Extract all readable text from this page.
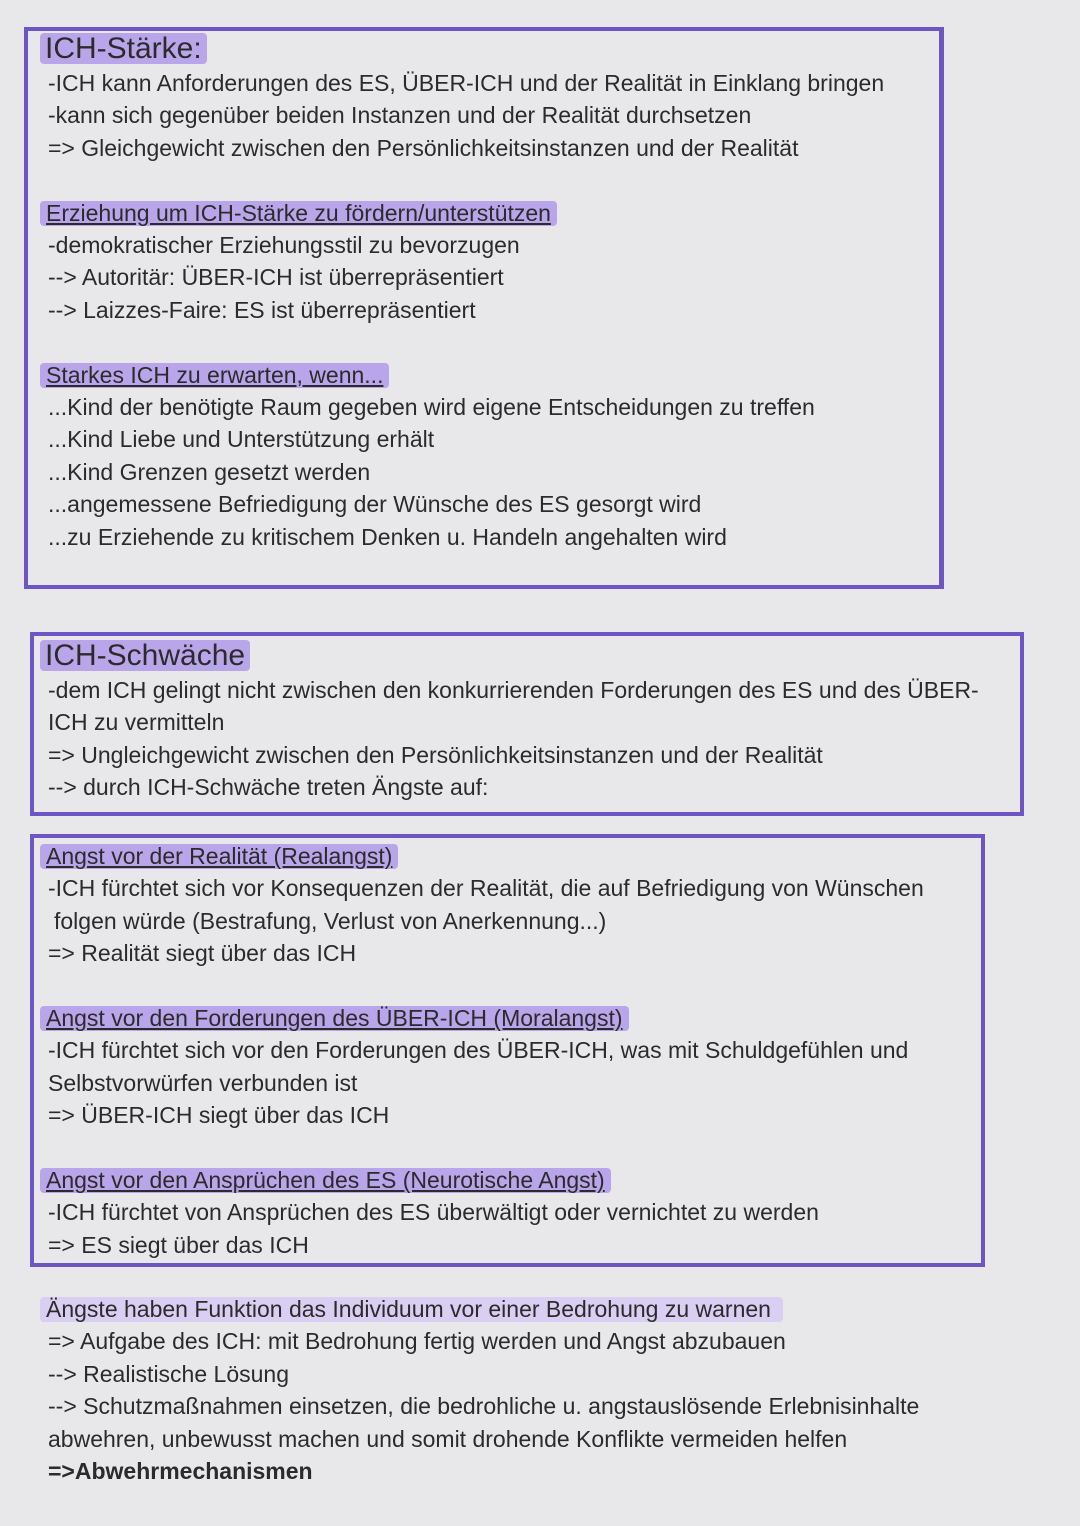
ICH-Stärke:
-ICH kann Anforderungen des ES, ÜBER-ICH und der Realität in Einklang bringen
-kann sich gegenüber beiden Instanzen und der Realität durchsetzen
=> Gleichgewicht zwischen den Persönlichkeitsinstanzen und der Realität

Erziehung um ICH-Stärke zu fördern/unterstützen
-demokratischer Erziehungsstil zu bevorzugen
--> Autoritär: ÜBER-ICH ist überrepräsentiert
--> Laizzes-Faire: ES ist überrepräsentiert

Starkes ICH zu erwarten, wenn...
...Kind der benötigte Raum gegeben wird eigene Entscheidungen zu treffen
...Kind Liebe und Unterstützung erhält
...Kind Grenzen gesetzt werden
...angemessene Befriedigung der Wünsche des ES gesorgt wird
...zu Erziehende zu kritischem Denken u. Handeln angehalten wird
ICH-Schwäche
-dem ICH gelingt nicht zwischen den konkurrierenden Forderungen des ES und des ÜBER-
ICH zu vermitteln
=> Ungleichgewicht zwischen den Persönlichkeitsinstanzen und der Realität
--> durch ICH-Schwäche treten Ängste auf:
Angst vor der Realität (Realangst)
-ICH fürchtet sich vor Konsequenzen der Realität, die auf Befriedigung von Wünschen
folgen würde (Bestrafung, Verlust von Anerkennung...)
=> Realität siegt über das ICH

Angst vor den Forderungen des ÜBER-ICH (Moralangst)
-ICH fürchtet sich vor den Forderungen des ÜBER-ICH, was mit Schuldgefühlen und
Selbstvorwürfen verbunden ist
=> ÜBER-ICH siegt über das ICH

Angst vor den Ansprüchen des ES (Neurotische Angst)
-ICH fürchtet von Ansprüchen des ES überwältigt oder vernichtet zu werden
=> ES siegt über das ICH
Ängste haben Funktion das Individuum vor einer Bedrohung zu warnen
=> Aufgabe des ICH: mit Bedrohung fertig werden und Angst abzubauen
--> Realistische Lösung
--> Schutzmaßnahmen einsetzen, die bedrohliche u. angstauslösende Erlebnisinhalte
abwehren, unbewusst machen und somit drohende Konflikte vermeiden helfen
=>Abwehrmechanismen
